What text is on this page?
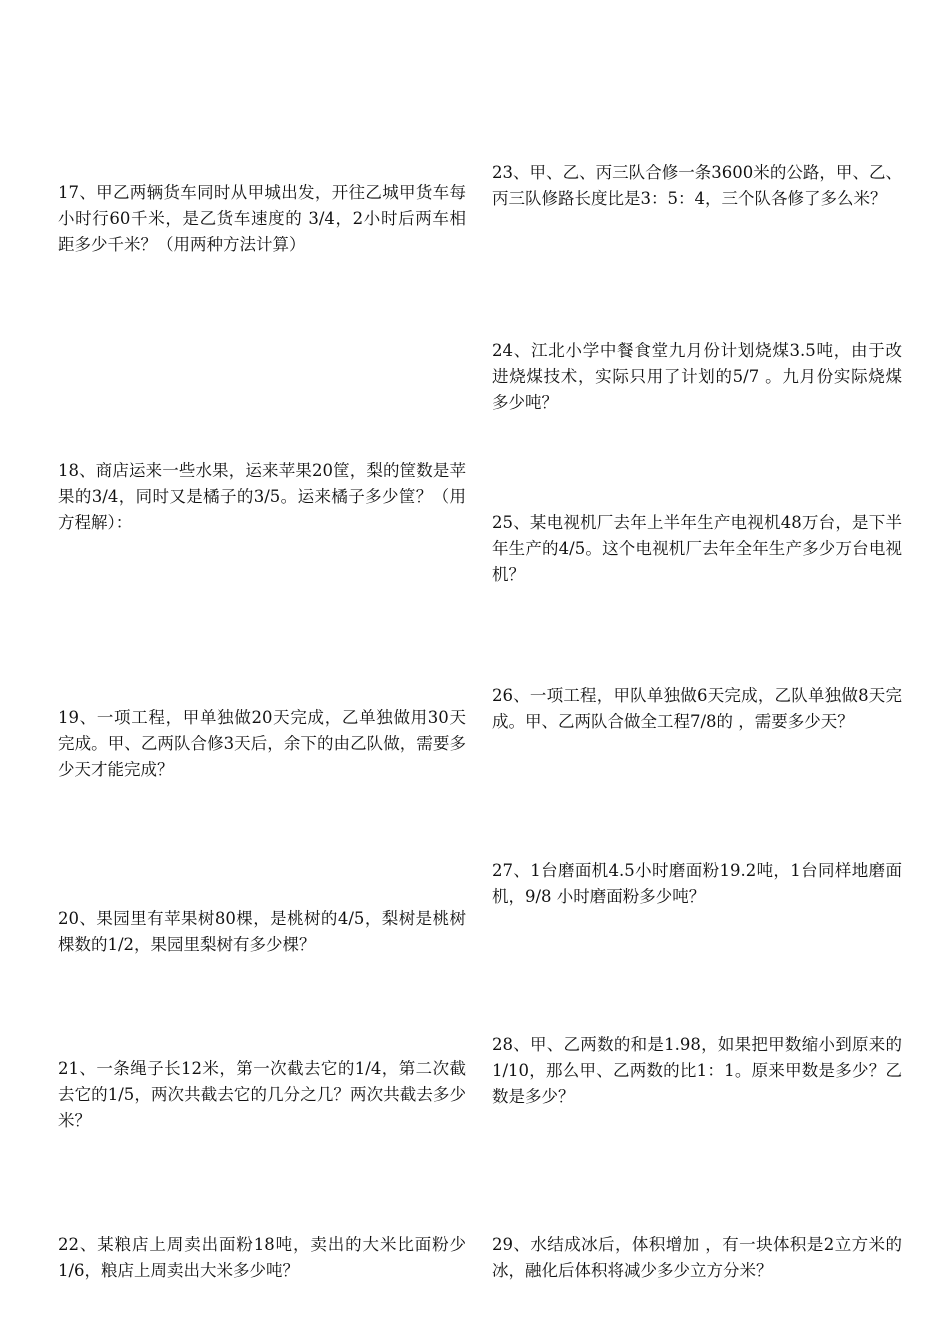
17、甲乙两辆货车同时从甲城出发，开往乙城甲货车每小时行60千米，是乙货车速度的 3/4，2小时后两车相距多少千米？（用两种方法计算）

18、商店运来一些水果，运来苹果20筐，梨的筐数是苹果的3/4，同时又是橘子的3/5。运来橘子多少筐？（用方程解）：

19、一项工程，甲单独做20天完成，乙单独做用30天完成。甲、乙两队合修3天后，余下的由乙队做，需要多少天才能完成？

20、果园里有苹果树80棵，是桃树的4/5，梨树是桃树棵数的1/2，果园里梨树有多少棵？

21、一条绳子长12米，第一次截去它的1/4，第二次截去它的1/5，两次共截去它的几分之几？两次共截去多少米？

22、某粮店上周卖出面粉18吨，卖出的大米比面粉少 1/6，粮店上周卖出大米多少吨？

23、甲、乙、丙三队合修一条3600米的公路，甲、乙、丙三队修路长度比是3：5：4，三个队各修了多么米？

24、江北小学中餐食堂九月份计划烧煤3.5吨，由于改进烧煤技术，实际只用了计划的5/7 。九月份实际烧煤多少吨？

25、某电视机厂去年上半年生产电视机48万台，是下半年生产的4/5。这个电视机厂去年全年生产多少万台电视机？

26、一项工程，甲队单独做6天完成，乙队单独做8天完成。甲、乙两队合做全工程7/8的 ，需要多少天？

27、1台磨面机4.5小时磨面粉19.2吨，1台同样地磨面机，9/8 小时磨面粉多少吨？

28、甲、乙两数的和是1.98，如果把甲数缩小到原来的1/10，那么甲、乙两数的比1：1。原来甲数是多少？乙数是多少？

29、水结成冰后，体积增加 ，有一块体积是2立方米的冰，融化后体积将减少多少立方分米？
